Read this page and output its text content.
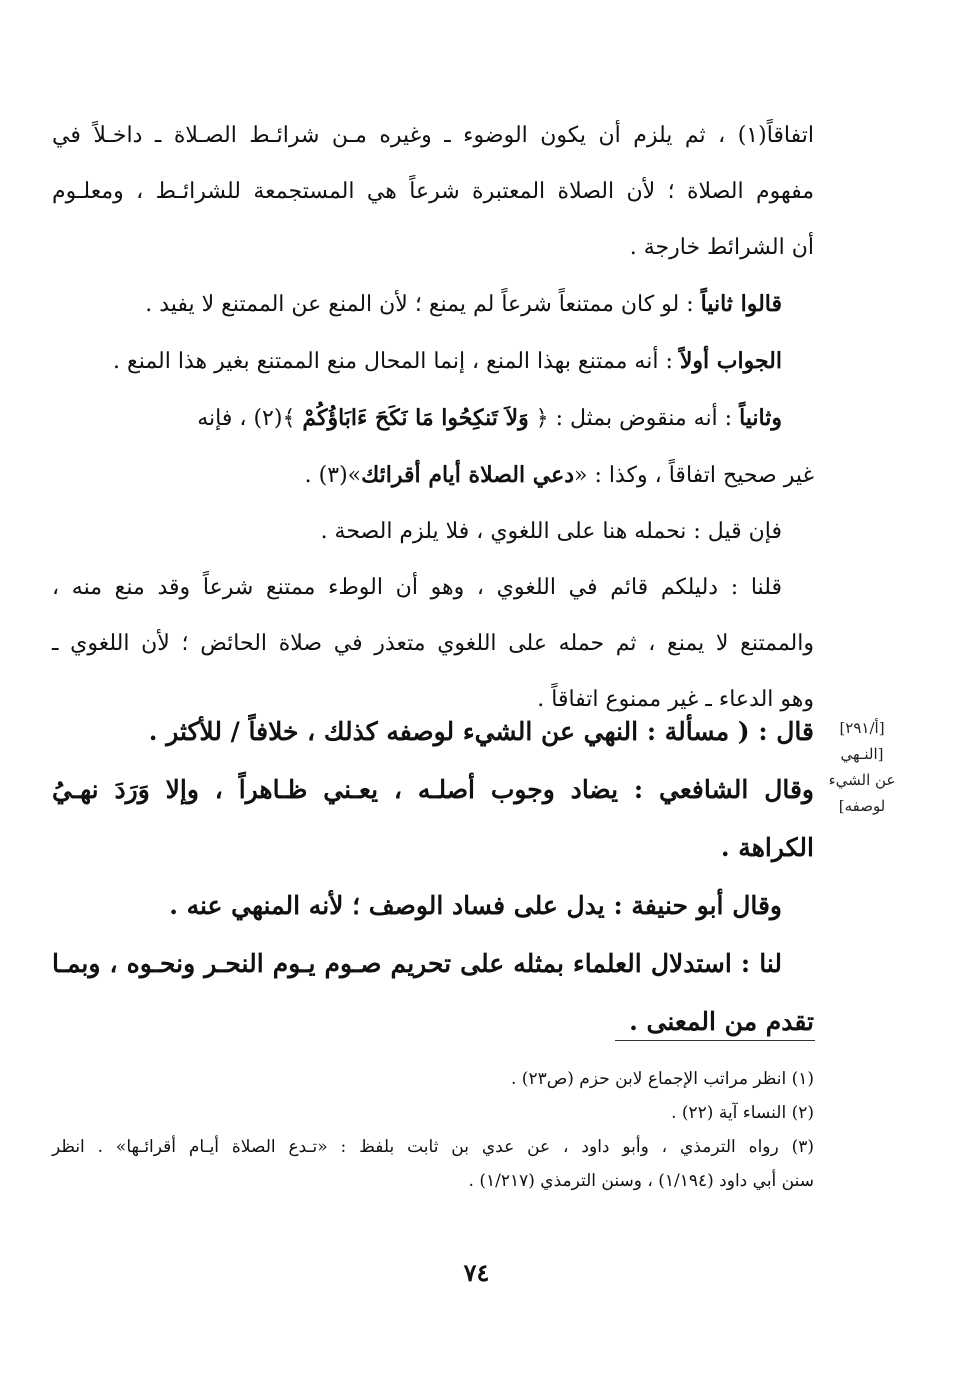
اتفاقاً(١) ، ثم يلزم أن يكون الوضوء ـ وغيره مـن شرائـط الصـلاة ـ داخـلاً في
مفهوم الصلاة ؛ لأن الصلاة المعتبرة شرعاً هي المستجمعة للشرائـط ، ومعلـوم
أن الشرائط خارجة .
قالوا ثانياً : لو كان ممتنعاً شرعاً لم يمنع ؛ لأن المنع عن الممتنع لا يفيد .
الجواب أولاً : أنه ممتنع بهذا المنع ، إنما المحال منع الممتنع بغير هذا المنع .
وثانياً : أنه منقوض بمثل : ﴿ وَلاَ تَنكِحُوا مَا نَكَحَ ءَابَاؤُكُمْ ﴾(٢) ، فإنه
غير صحيح اتفاقاً ، وكذا : «دعي الصلاة أيام أقرائك»(٣) .
فإن قيل : نحمله هنا على اللغوي ، فلا يلزم الصحة .
قلنا : دليلكم قائم في اللغوي ، وهو أن الوطء ممتنع شرعاً وقد منع منه ،
والممتنع لا يمنع ، ثم حمله على اللغوي متعذر في صلاة الحائض ؛ لأن اللغوي ـ
وهو الدعاء ـ غير ممنوع اتفاقاً .
قال : ( مسألة : النهي عن الشيء لوصفه كذلك ، خلافاً / للأكثر .
وقال الشافعي : يضاد وجوب أصلـه ، يعـني ظـاهراً ، وإلا وَرَدَ نهـيُ
الكراهة .
وقال أبو حنيفة : يدل على فساد الوصف ؛ لأنه المنهي عنه .
لنا : استدلال العلماء بمثله على تحريم صـوم يـوم النحـر ونحـوه ، وبمـا
تقدم من المعنى .
[أ/٢٩١]
[النـهي
عن الشيء
لوصفه]
(١) انظر مراتب الإجماع لابن حزم (ص٢٣) .
(٢) النساء آية (٢٢) .
(٣) رواه الترمذي ، وأبو داود ، عن عدي بن ثابت بلفظ : «تـدع الصلاة أيـام أقرائـها» . انظر
سنن أبي داود (١/١٩٤) ، وسنن الترمذي (١/٢١٧) .
٧٤
